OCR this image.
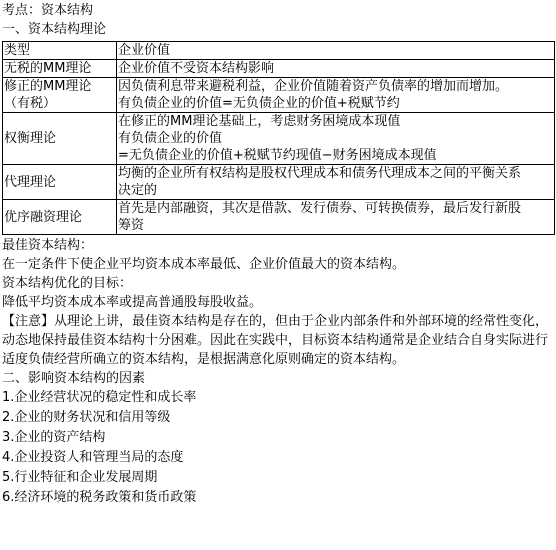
考点：资本结构
一、资本结构理论
类型	企业价值

无税的MM理论	企业价值不受资本结构影响

修正的MM理论
（有税）	因负债利息带来避税利益，企业价值随着资产负债率的增加而增加。
有负债企业的价值=无负债企业的价值+税赋节约

权衡理论	在修正的MM理论基础上，考虑财务困境成本现值
有负债企业的价值
=无负债企业的价值+税赋节约现值−财务困境成本现值

代理理论	均衡的企业所有权结构是股权代理成本和债务代理成本之间的平衡关系
决定的

优序融资理论	首先是内部融资，其次是借款、发行债券、可转换债券，最后发行新股
筹资
最佳资本结构：
在一定条件下使企业平均资本成本率最低、企业价值最大的资本结构。
资本结构优化的目标：
降低平均资本成本率或提高普通股每股收益。
【注意】从理论上讲，最佳资本结构是存在的，但由于企业内部条件和外部环境的经常性变化，动态地保持最佳资本结构十分困难。因此在实践中，目标资本结构通常是企业结合自身实际进行适度负债经营所确立的资本结构，是根据满意化原则确定的资本结构。
二、影响资本结构的因素
1.企业经营状况的稳定性和成长率
2.企业的财务状况和信用等级
3.企业的资产结构
4.企业投资人和管理当局的态度
5.行业特征和企业发展周期
6.经济环境的税务政策和货币政策
